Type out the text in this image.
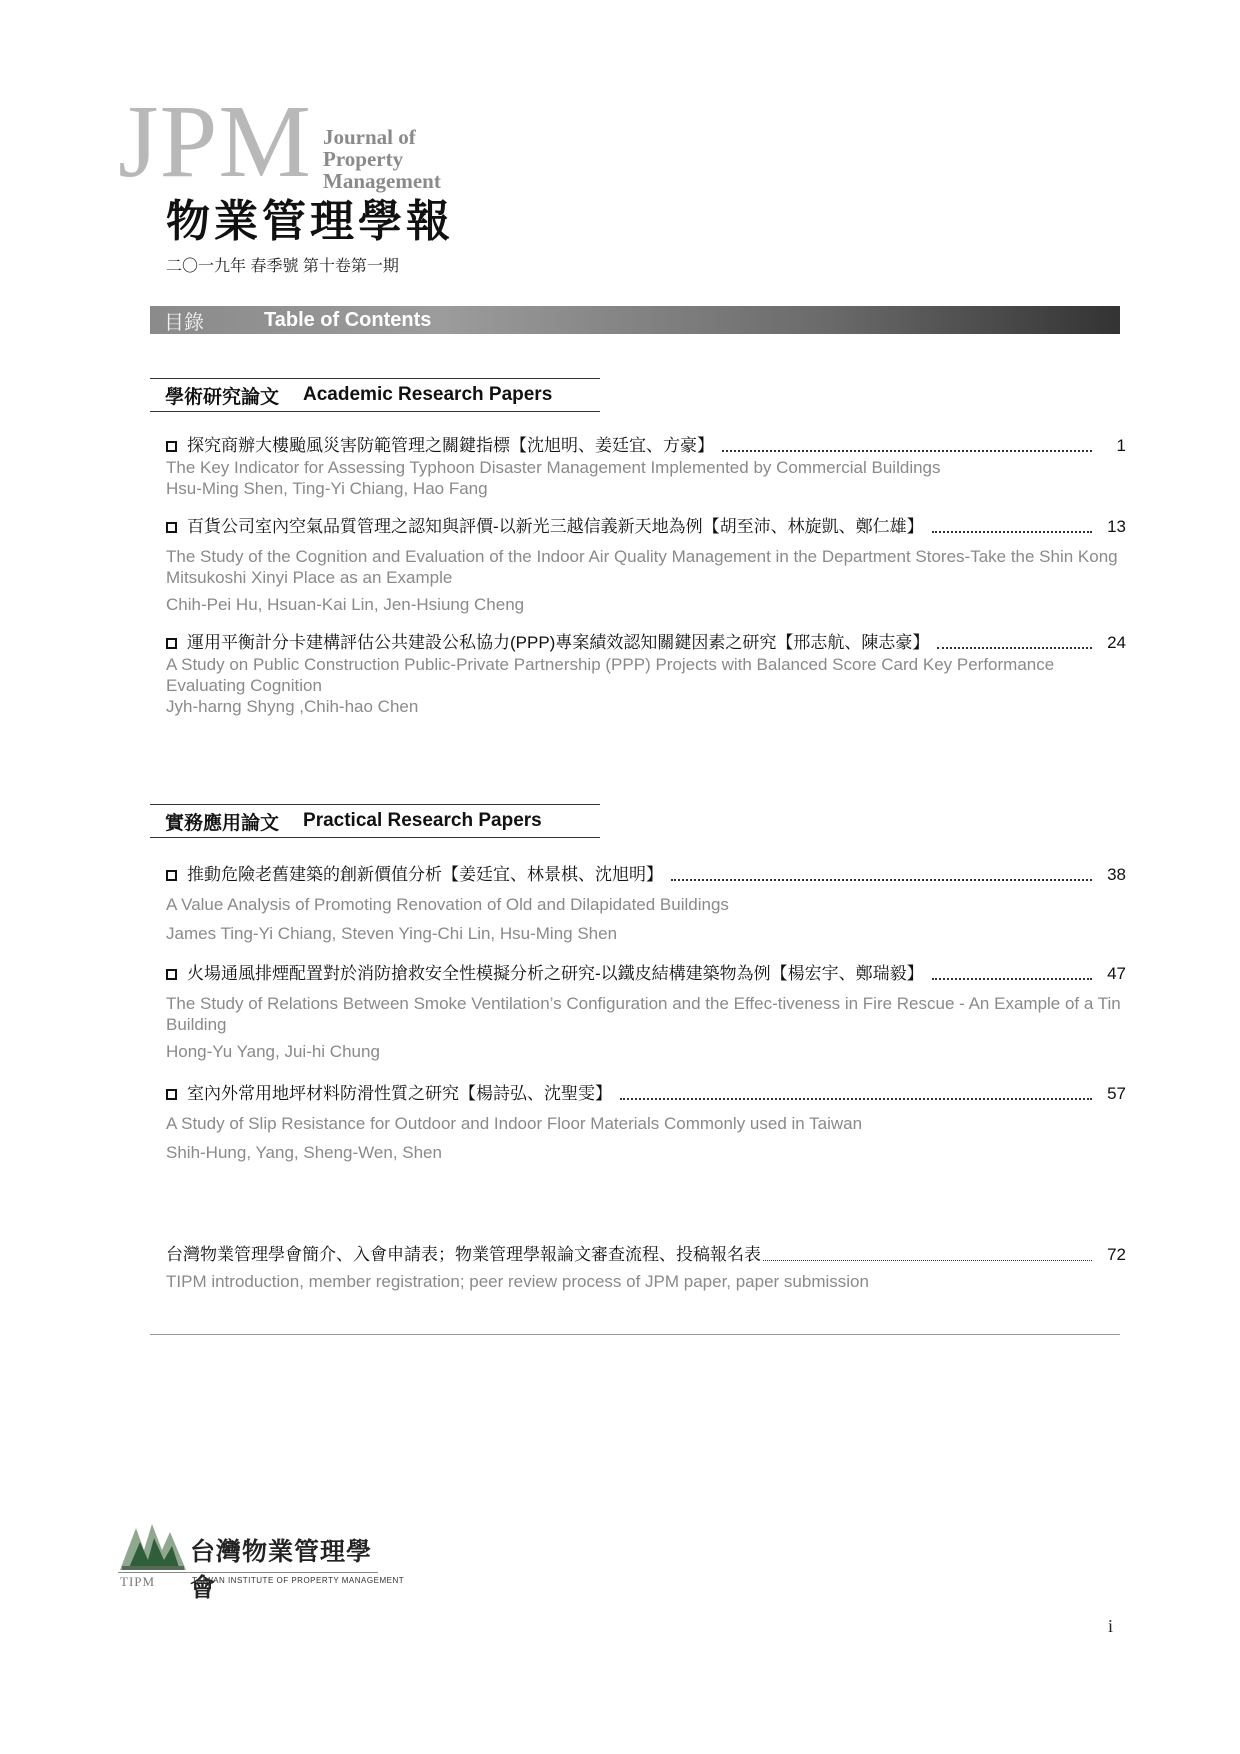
JPM Journal of
Property
Management
物業管理學報
二〇一九年 春季號 第十卷第一期
目錄	Table of Contents
學術研究論文 Academic Research Papers
探究商辦大樓颱風災害防範管理之關鍵指標【沈旭明、姜廷宜、方豪】	1
The Key Indicator for Assessing Typhoon Disaster Management Implemented by Commercial Buildings
Hsu-Ming Shen, Ting-Yi Chiang, Hao Fang
百貨公司室內空氣品質管理之認知與評價-以新光三越信義新天地為例【胡至沛、林旋凱、鄭仁雄】	13
The Study of the Cognition and Evaluation of the Indoor Air Quality Management in the Department Stores-Take the Shin Kong Mitsukoshi Xinyi Place as an Example
Chih-Pei Hu, Hsuan-Kai Lin, Jen-Hsiung Cheng
運用平衡計分卡建構評估公共建設公私協力(PPP)專案績效認知關鍵因素之研究【邢志航、陳志豪】	24
A Study on Public Construction Public-Private Partnership (PPP) Projects with Balanced Score Card Key Performance Evaluating Cognition
Jyh-harng Shyng ,Chih-hao Chen
實務應用論文 Practical Research Papers
推動危險老舊建築的創新價值分析【姜廷宜、林景棋、沈旭明】	38
A Value Analysis of Promoting Renovation of Old and Dilapidated Buildings
James Ting-Yi Chiang, Steven Ying-Chi Lin, Hsu-Ming Shen
火場通風排煙配置對於消防搶救安全性模擬分析之研究-以鐵皮結構建築物為例【楊宏宇、鄭瑞毅】	47
The Study of Relations Between Smoke Ventilation’s Configuration and the Effec-tiveness in Fire Rescue - An Example of a Tin Building
Hong-Yu Yang, Jui-hi Chung
室內外常用地坪材料防滑性質之研究【楊詩弘、沈聖雯】	57
A Study of Slip Resistance for Outdoor and Indoor Floor Materials Commonly used in Taiwan
Shih-Hung, Yang, Sheng-Wen, Shen
台灣物業管理學會簡介、入會申請表；物業管理學報論文審查流程、投稿報名表	72
TIPM introduction, member registration; peer review process of JPM paper, paper submission
台灣物業管理學會
TIPM	TAIWAN INSTITUTE OF PROPERTY MANAGEMENT
i
